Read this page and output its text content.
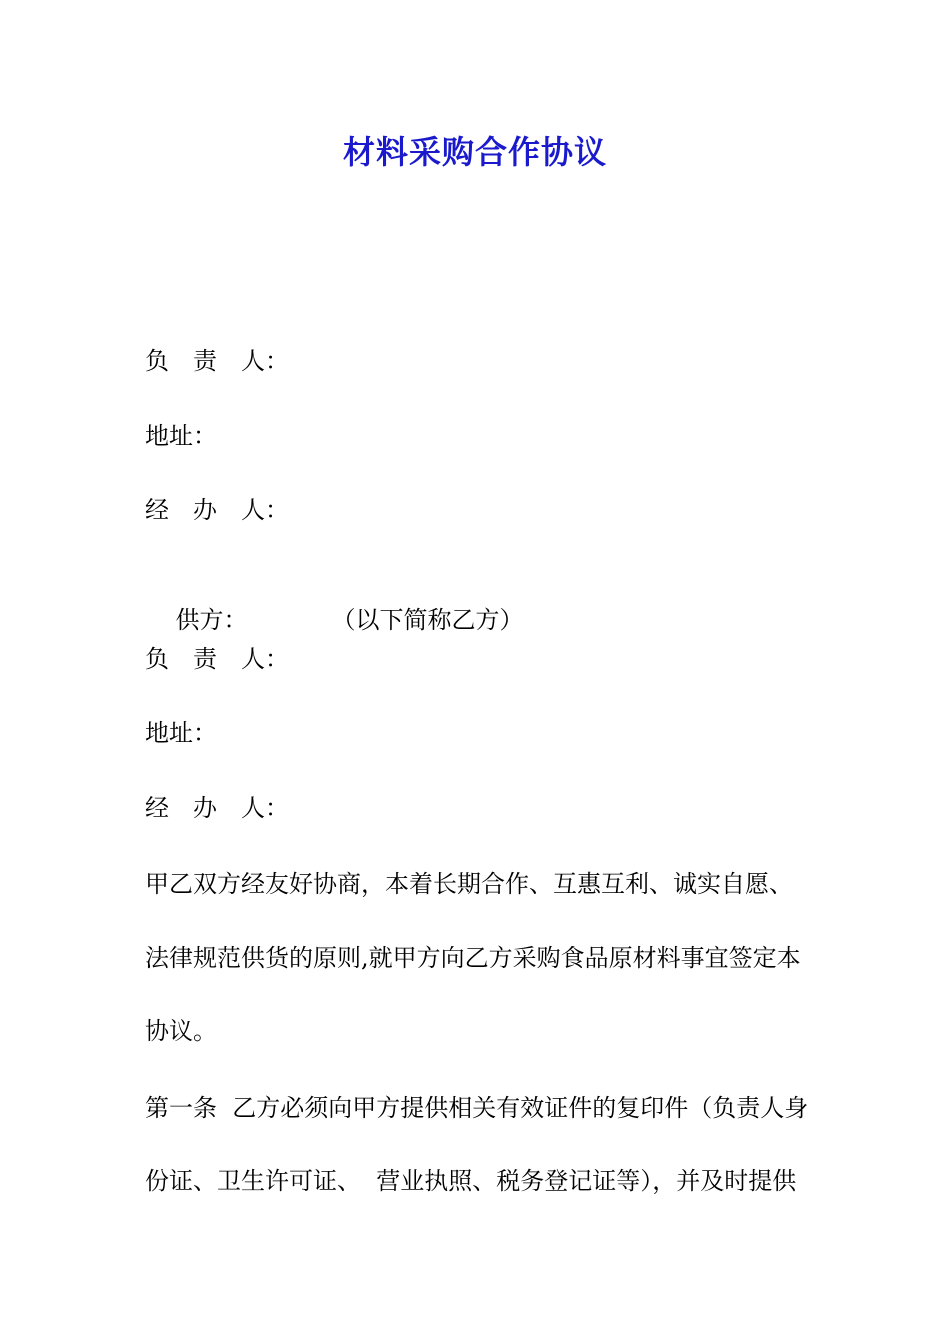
材料采购合作协议
负　责　人：
地址：
经　办　人：

供方：	（以下简称乙方）

负　责　人：
地址：
经　办　人：
甲乙双方经友好协商，本着长期合作、互惠互利、诚实自愿、
法律规范供货的原则,就甲方向乙方采购食品原材料事宜签定本
协议。
第一条  乙方必须向甲方提供相关有效证件的复印件（负责人身
份证、卫生许可证、  营业执照、税务登记证等），并及时提供
